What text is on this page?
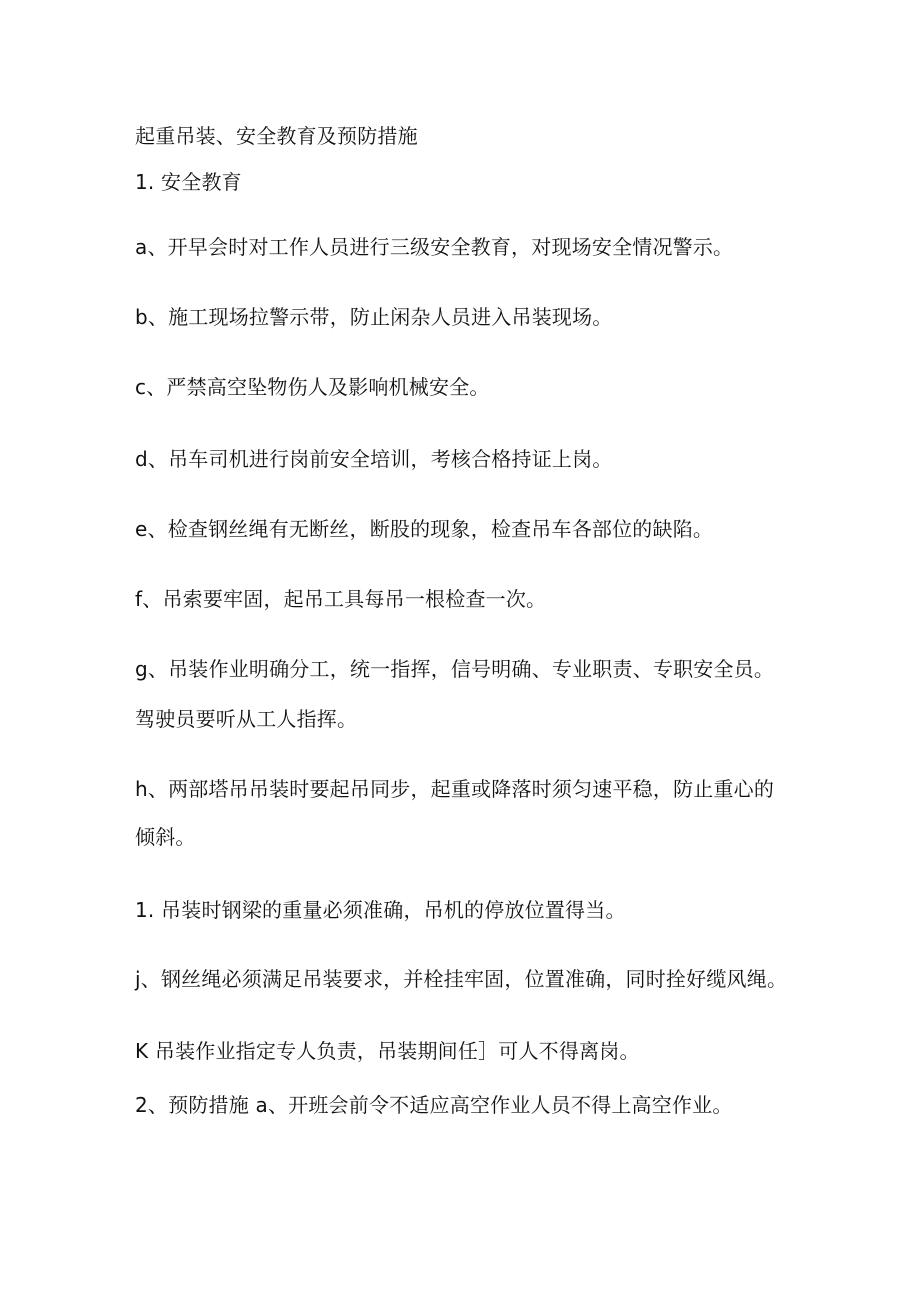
起重吊装、安全教育及预防措施
1. 安全教育
a、开早会时对工作人员进行三级安全教育，对现场安全情况警示。
b、施工现场拉警示带，防止闲杂人员进入吊装现场。
c、严禁高空坠物伤人及影响机械安全。
d、吊车司机进行岗前安全培训，考核合格持证上岗。
e、检查钢丝绳有无断丝，断股的现象，检查吊车各部位的缺陷。
f、吊索要牢固，起吊工具每吊一根检查一次。
g、吊装作业明确分工，统一指挥，信号明确、专业职责、专职安全员。
驾驶员要听从工人指挥。
h、两部塔吊吊装时要起吊同步，起重或降落时须匀速平稳，防止重心的
倾斜。
1. 吊装时钢梁的重量必须准确，吊机的停放位置得当。
j、钢丝绳必须满足吊装要求，并栓挂牢固，位置准确，同时拴好缆风绳。
K 吊装作业指定专人负责，吊装期间任］可人不得离岗。
2、预防措施 a、开班会前令不适应高空作业人员不得上高空作业。
